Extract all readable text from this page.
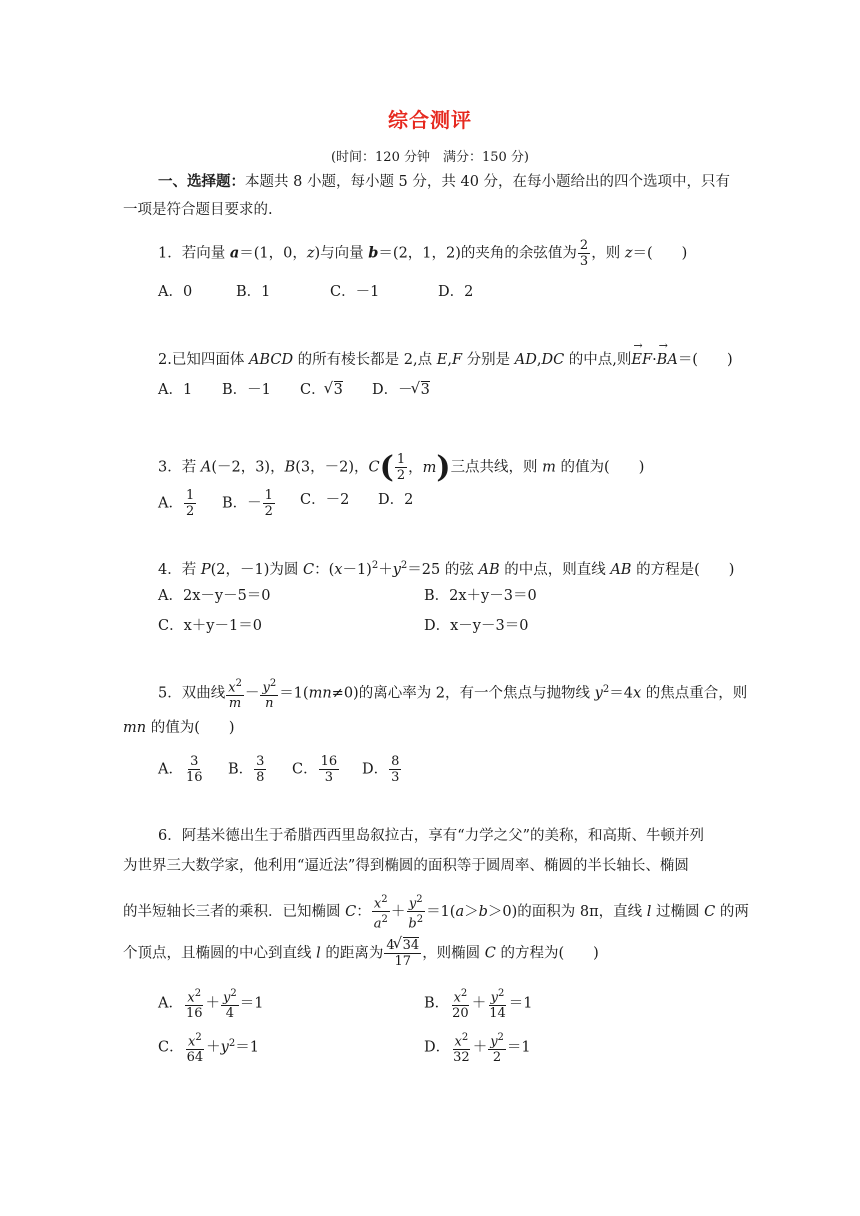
综合测评
(时间：120 分钟　满分：150 分)
一、选择题：本题共 8 小题，每小题 5 分，共 40 分，在每小题给出的四个选项中，只有
一项是符合题目要求的.
1．若向量 a＝(1，0，z)与向量 b＝(2，1，2)的夹角的余弦值为 $\frac{2}{3}$ ，则 z＝(　　)
A．0	B．1	C．－1	D．2
2.已知四面体 ABCD 的所有棱长都是 2,点 E,F 分别是 AD,DC 的中点,则→ EF·→ BA＝(　　)
A．1 B．－1 C． √ 3 D．－ √ 3
3．若 A(－2，3)，B(3，－2)，C ( $\frac{1}{2}$ ， m ) 三点共线，则 m 的值为(　　)
A． $\frac{1}{2}$ B．－ $\frac{1}{2}$ C．－2 D．2
4．若 P(2，－1)为圆 C：$(x-1)^2+y^2=25$ 的弦 AB 的中点，则直线 AB 的方程是(　　)
A．2x－y－5＝0	B．2x＋y－3＝0
C．x＋y－1＝0	D．x－y－3＝0
5．双曲线 $\frac{x^2}{m} - \frac{y^2}{n} =1(mn\ne 0)$的离心率为 2，有一个焦点与抛物线 $y^2=4x$ 的焦点重合，则
mn 的值为(　　)
A． $\frac{3}{16}$ B． $\frac{3}{8}$ C． $\frac{16}{3}$ D． $\frac{8}{3}$
6．阿基米德出生于希腊西西里岛叙拉古，享有“力学之父”的美称，和高斯、牛顿并列
为世界三大数学家，他利用“逼近法”得到椭圆的面积等于圆周率、椭圆的半长轴长、椭圆
的半短轴长三者的乘积．已知椭圆 C： $\frac{x^2}{a^2} + \frac{y^2}{b^2} =1(a>b>0)$的面积为 8π，直线 l 过椭圆 C 的两
个顶点，且椭圆的中心到直线 l 的距离为 $\frac{4 √ 34}{17}$ ，则椭圆 C 的方程为(　　)
A． $\frac{x^2}{16} + \frac{y^2}{4} =1$	B． $\frac{x^2}{20} + \frac{y^2}{14} =1$
C． $\frac{x^2}{64} +y^2=1$	D． $\frac{x^2}{32} + \frac{y^2}{2} =1$
